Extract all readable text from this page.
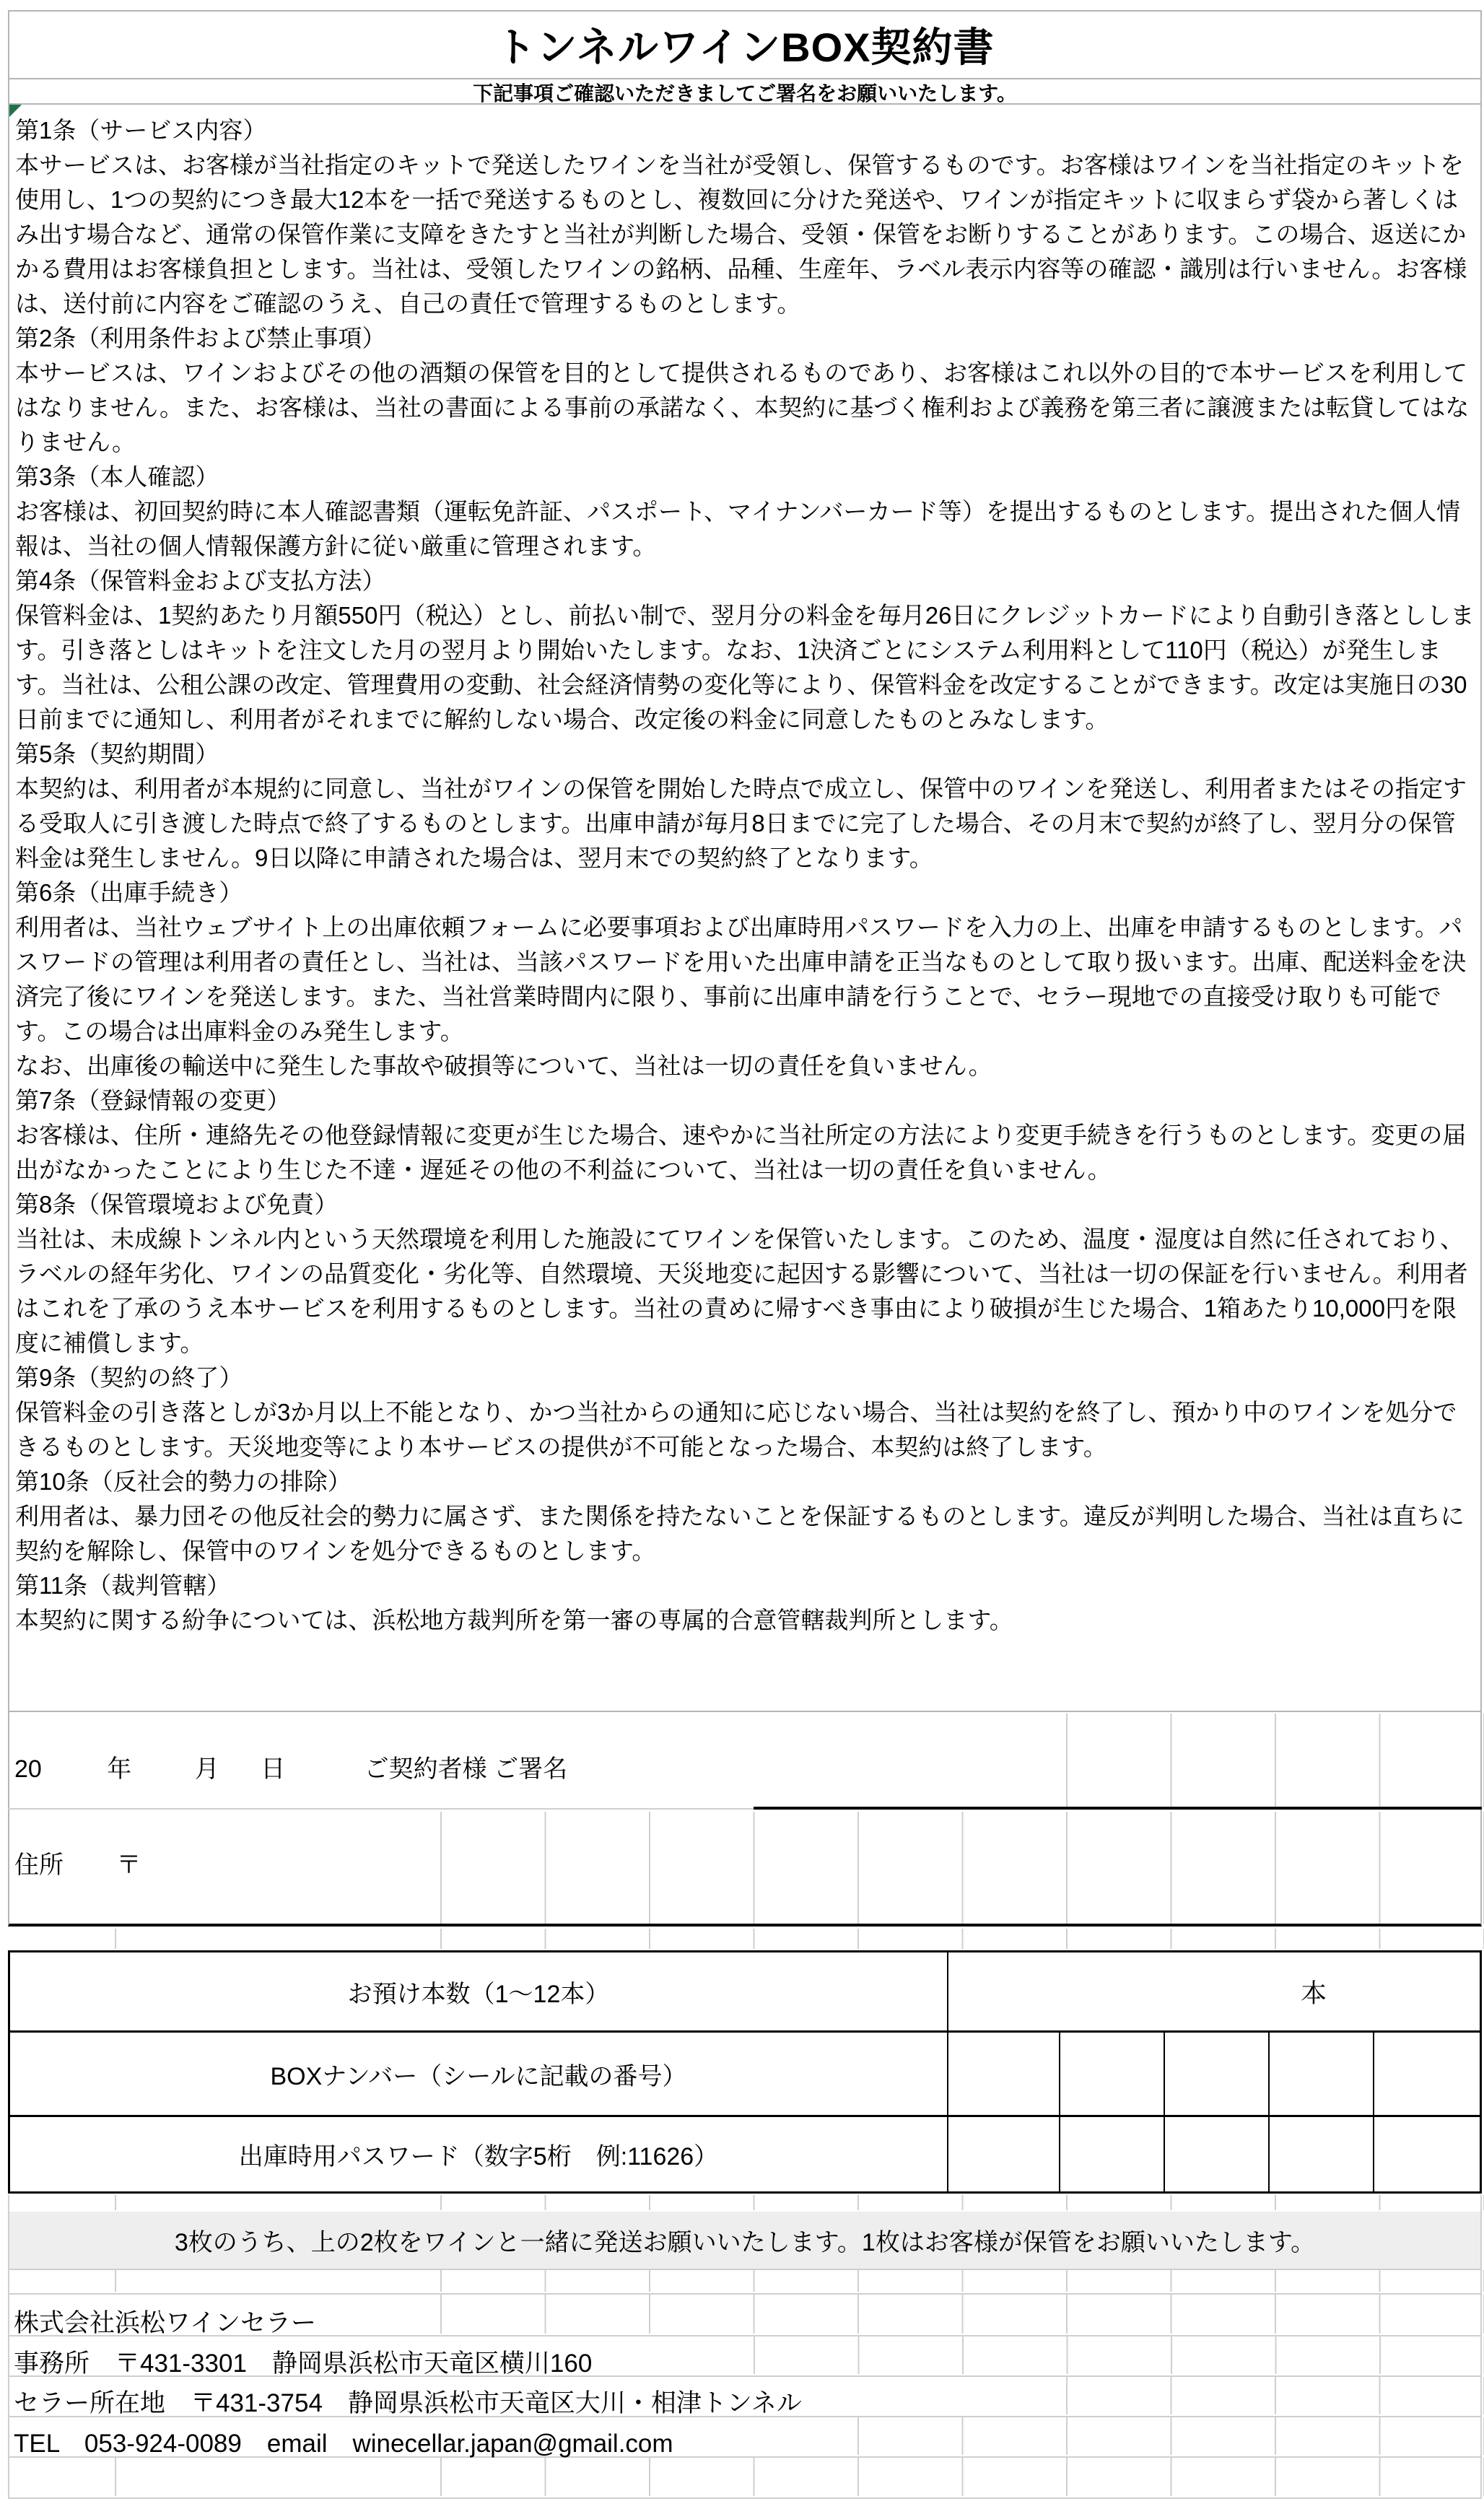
トンネルワインBOX契約書
下記事項ご確認いただきましてご署名をお願いいたします。
第1条（サービス内容）
本サービスは、お客様が当社指定のキットで発送したワインを当社が受領し、保管するものです。お客様はワインを当社指定のキットを使用し、1つの契約につき最大12本を一括で発送するものとし、複数回に分けた発送や、ワインが指定キットに収まらず袋から著しくはみ出す場合など、通常の保管作業に支障をきたすと当社が判断した場合、受領・保管をお断りすることがあります。この場合、返送にかかる費用はお客様負担とします。当社は、受領したワインの銘柄、品種、生産年、ラベル表示内容等の確認・識別は行いません。お客様は、送付前に内容をご確認のうえ、自己の責任で管理するものとします。
第2条（利用条件および禁止事項）
本サービスは、ワインおよびその他の酒類の保管を目的として提供されるものであり、お客様はこれ以外の目的で本サービスを利用してはなりません。また、お客様は、当社の書面による事前の承諾なく、本契約に基づく権利および義務を第三者に譲渡または転貸してはなりません。
第3条（本人確認）
お客様は、初回契約時に本人確認書類（運転免許証、パスポート、マイナンバーカード等）を提出するものとします。提出された個人情報は、当社の個人情報保護方針に従い厳重に管理されます。
第4条（保管料金および支払方法）
保管料金は、1契約あたり月額550円（税込）とし、前払い制で、翌月分の料金を毎月26日にクレジットカードにより自動引き落としします。引き落としはキットを注文した月の翌月より開始いたします。なお、1決済ごとにシステム利用料として110円（税込）が発生します。当社は、公租公課の改定、管理費用の変動、社会経済情勢の変化等により、保管料金を改定することができます。改定は実施日の30日前までに通知し、利用者がそれまでに解約しない場合、改定後の料金に同意したものとみなします。
第5条（契約期間）
本契約は、利用者が本規約に同意し、当社がワインの保管を開始した時点で成立し、保管中のワインを発送し、利用者またはその指定する受取人に引き渡した時点で終了するものとします。出庫申請が毎月8日までに完了した場合、その月末で契約が終了し、翌月分の保管料金は発生しません。9日以降に申請された場合は、翌月末での契約終了となります。
第6条（出庫手続き）
利用者は、当社ウェブサイト上の出庫依頼フォームに必要事項および出庫時用パスワードを入力の上、出庫を申請するものとします。パスワードの管理は利用者の責任とし、当社は、当該パスワードを用いた出庫申請を正当なものとして取り扱います。出庫、配送料金を決済完了後にワインを発送します。また、当社営業時間内に限り、事前に出庫申請を行うことで、セラー現地での直接受け取りも可能です。この場合は出庫料金のみ発生します。
なお、出庫後の輸送中に発生した事故や破損等について、当社は一切の責任を負いません。
第7条（登録情報の変更）
お客様は、住所・連絡先その他登録情報に変更が生じた場合、速やかに当社所定の方法により変更手続きを行うものとします。変更の届出がなかったことにより生じた不達・遅延その他の不利益について、当社は一切の責任を負いません。
第8条（保管環境および免責）
当社は、未成線トンネル内という天然環境を利用した施設にてワインを保管いたします。このため、温度・湿度は自然に任されており、ラベルの経年劣化、ワインの品質変化・劣化等、自然環境、天災地変に起因する影響について、当社は一切の保証を行いません。利用者はこれを了承のうえ本サービスを利用するものとします。当社の責めに帰すべき事由により破損が生じた場合、1箱あたり10,000円を限度に補償します。
第9条（契約の終了）
保管料金の引き落としが3か月以上不能となり、かつ当社からの通知に応じない場合、当社は契約を終了し、預かり中のワインを処分できるものとします。天災地変等により本サービスの提供が不可能となった場合、本契約は終了します。
第10条（反社会的勢力の排除）
利用者は、暴力団その他反社会的勢力に属さず、また関係を持たないことを保証するものとします。違反が判明した場合、当社は直ちに契約を解除し、保管中のワインを処分できるものとします。
第11条（裁判管轄）
本契約に関する紛争については、浜松地方裁判所を第一審の専属的合意管轄裁判所とします。
20	年	月 日	ご契約者様 ご署名
住所 〒
お預け本数（1～12本）	本
BOXナンバー（シールに記載の番号）
出庫時用パスワード（数字5桁　例:11626）
3枚のうち、上の2枚をワインと一緒に発送お願いいたします。1枚はお客様が保管をお願いいたします。
株式会社浜松ワインセラー
事務所　〒431-3301　静岡県浜松市天竜区横川160
セラー所在地　〒431-3754　静岡県浜松市天竜区大川・相津トンネル
TEL　053-924-0089　email　winecellar.japan@gmail.com
